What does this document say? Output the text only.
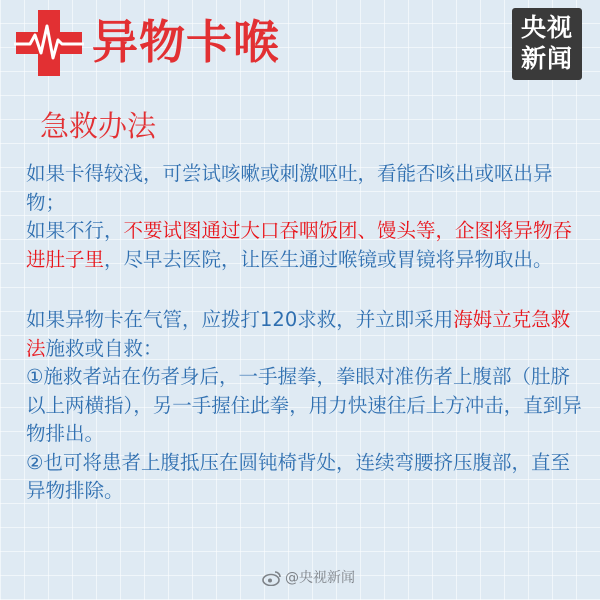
异物卡喉	央视
新闻
急救办法

如果卡得较浅，可尝试咳嗽或刺激呕吐，看能否咳出或呕出异物；
如果不行，不要试图通过大口吞咽饭团、馒头等，企图将异物吞进肚子里，尽早去医院，让医生通过喉镜或胃镜将异物取出。

如果异物卡在气管，应拨打120求救，并立即采用海姆立克急救法施救或自救：
①施救者站在伤者身后，一手握拳，拳眼对准伤者上腹部（肚脐以上两横指），另一手握住此拳，用力快速往后上方冲击，直到异物排出。
②也可将患者上腹抵压在圆钝椅背处，连续弯腰挤压腹部，直至异物排除。

@央视新闻
